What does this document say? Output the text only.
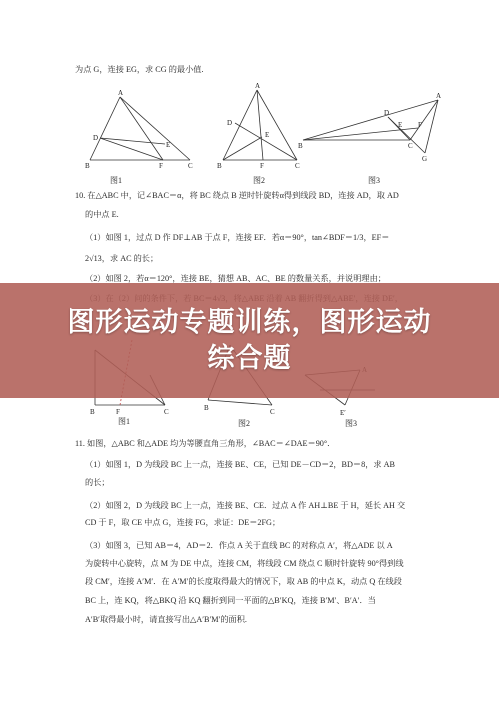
为点 G，连接 EG，求 CG 的最小值.
A
D
E
F
B	C
图1
A
D
E
B	F	C
图2
A
D
E F
B	C
G
图3
10. 在△ABC 中，记∠BAC＝α，将 BC 绕点 B 逆时针旋转α得到线段 BD，连接 AD，取 AD
的中点 E.
（1）如图 1，过点 D 作 DF⊥AB 于点 F，连接 EF．若α＝90°，tan∠BDF＝1/3，EF＝
2√13，求 AC 的长；
（2）如图 2，若α＝120°，连接 BE，猜想 AB、AC、BE 的数量关系，并说明理由；
B	F	C
图1
B	C
图2
E′
图3
11. 如图，△ABC 和△ADE 均为等腰直角三角形，∠BAC＝∠DAE＝90°．
（1）如图 1，D 为线段 BC 上一点，连接 BE、CE，已知 DE－CD＝2，BD＝8，求 AB
的长；
（2）如图 2，D 为线段 BC 上一点，连接 BE、CE．过点 A 作 AH⊥BE 于 H，延长 AH 交
CD 于 F，取 CE 中点 G，连接 FG，求证：DE＝2FG；
（3）如图 3，已知 AB＝4，AD＝2．作点 A 关于直线 BC 的对称点 A′，将△ADE 以 A
为旋转中心旋转，点 M 为 DE 中点，连接 CM，将线段 CM 绕点 C 顺时针旋转 90°得到线
段 CM′，连接 A′M′．在 A′M′的长度取得最大的情况下，取 AB 的中点 K，动点 Q 在线段
BC 上，连 KQ，将△BKQ 沿 KQ 翻折到同一平面的△B′KQ，连接 B′M′、B′A′．当
A′B′取得最小时，请直接写出△A′B′M′的面积.
图形运动专题训练，图形运动
综合题
